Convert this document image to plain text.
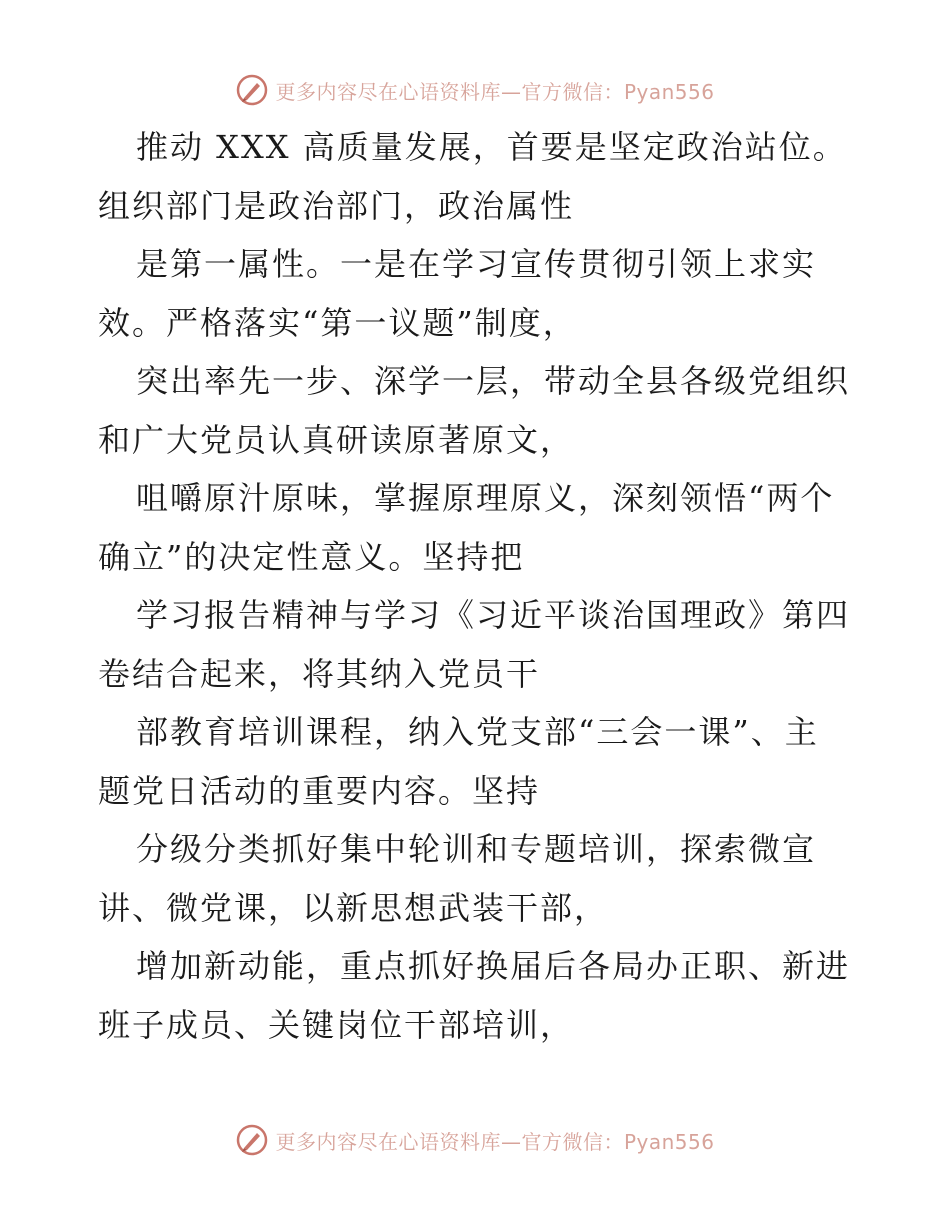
更多内容尽在心语资料库—官方微信：Pyan556

推动 XXX 高质量发展，首要是坚定政治站位。
组织部门是政治部门，政治属性

是第一属性。一是在学习宣传贯彻引领上求实
效。严格落实“第一议题”制度，

突出率先一步、深学一层，带动全县各级党组织
和广大党员认真研读原著原文，

咀嚼原汁原味，掌握原理原义，深刻领悟“两个
确立”的决定性意义。坚持把

学习报告精神与学习《习近平谈治国理政》第四
卷结合起来，将其纳入党员干

部教育培训课程，纳入党支部“三会一课”、主
题党日活动的重要内容。坚持

分级分类抓好集中轮训和专题培训，探索微宣
讲、微党课，以新思想武装干部，

增加新动能，重点抓好换届后各局办正职、新进
班子成员、关键岗位干部培训，

更多内容尽在心语资料库—官方微信：Pyan556
